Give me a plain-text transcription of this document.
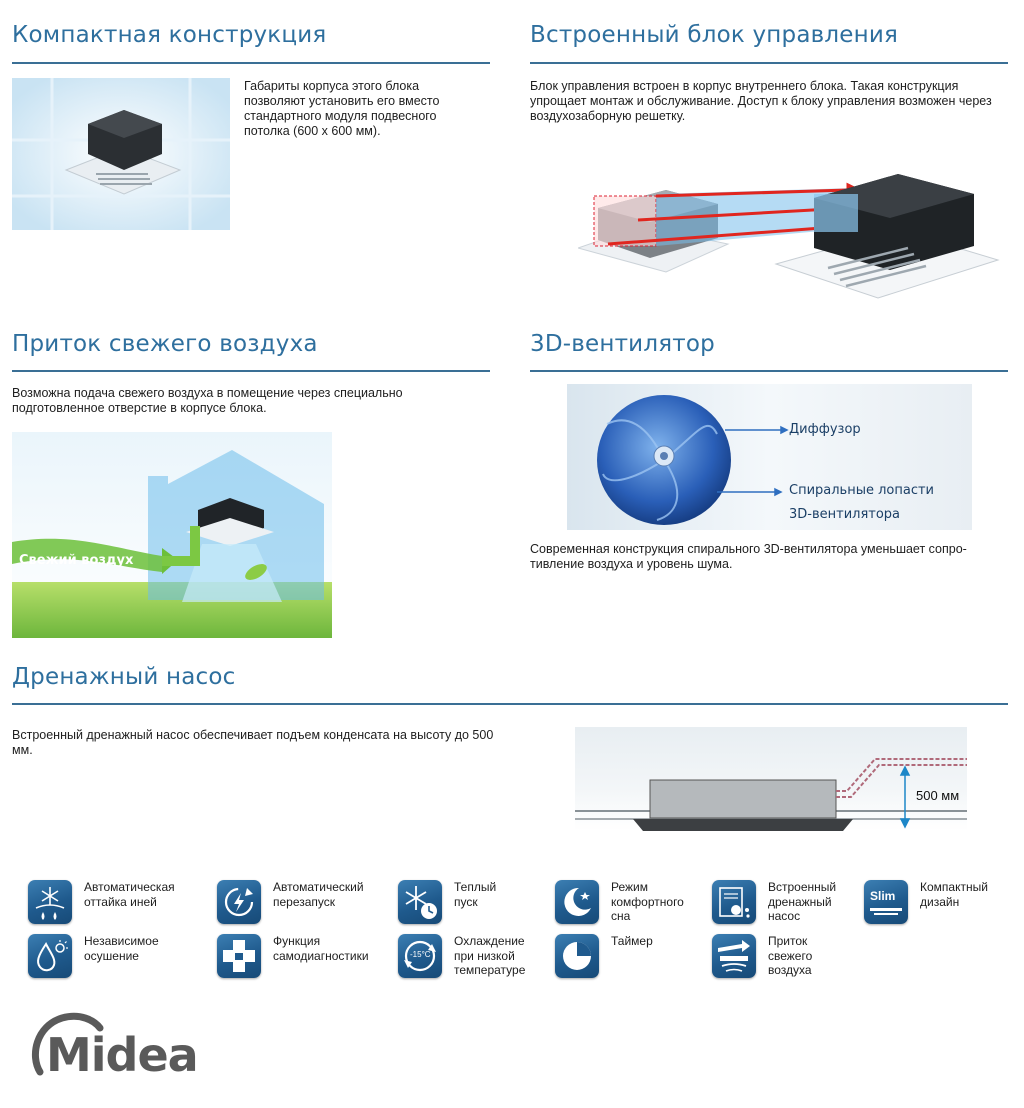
Компактная конструкция

Габариты корпуса этого блока позволяют установить его вместо стандартного модуля подвесного потолка (600 х 600 мм).

Встроенный блок управления

Блок управления встроен в корпус внутреннего блока. Такая конструкция упрощает монтаж и обслуживание. Доступ к блоку управления возможен через воздухозаборную решетку.

Приток свежего воздуха

Возможна подача свежего воздуха в помещение через специально подготовленное отверстие в корпусе блока.

Свежий воздух
3D-вентилятор
Диффузор
Спиральные лопасти
3D-вентилятора

Современная конструкция спирального 3D-вентилятора уменьшает сопро-тивление воздуха и уровень шума.

Дренажный насос

Встроенный дренажный насос обеспечивает подъем конденсата на высоту до 500 мм.

500 мм
Автоматическая
оттайка иней
Автоматический
перезапуск
Теплый
пуск
Режим
комфортного
сна
Встроенный
дренажный
насос
Slim
Компактный
дизайн
Независимое
осушение
Функция
самодиагностики	-15°C
Охлаждение
при низкой
температуре
Таймер	Приток
свежего
воздуха
Midea
